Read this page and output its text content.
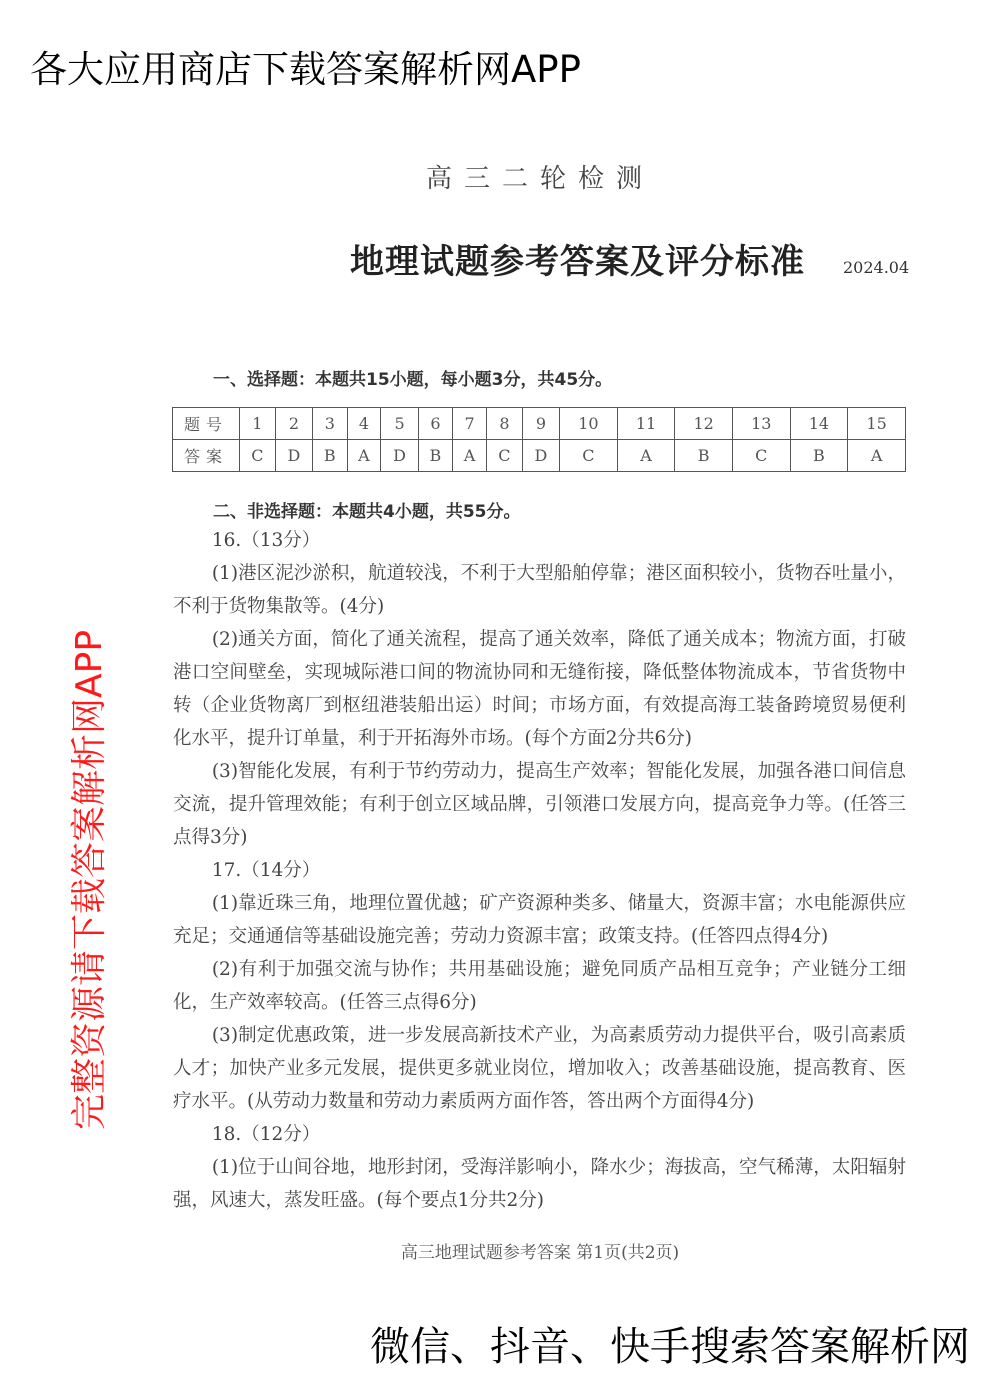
高三二轮检测
地理试题参考答案及评分标准 2024.04
一、选择题：本题共15小题，每小题3分，共45分。
题号	1	2	3	4	5	6	7	8	9	10	11	12	13	14	15
答案	C	D	B	A	D	B	A	C	D	C	A	B	C	B	A
二、非选择题：本题共4小题，共55分。

16.（13分）

(1)港区泥沙淤积，航道较浅，不利于大型船舶停靠；港区面积较小，货物吞吐量小，不利于货物集散等。(4分)

(2)通关方面，简化了通关流程，提高了通关效率，降低了通关成本；物流方面，打破港口空间壁垒，实现城际港口间的物流协同和无缝衔接，降低整体物流成本，节省货物中转（企业货物离厂到枢纽港装船出运）时间；市场方面，有效提高海工装备跨境贸易便利化水平，提升订单量，利于开拓海外市场。(每个方面2分共6分)

(3)智能化发展，有利于节约劳动力，提高生产效率；智能化发展，加强各港口间信息交流，提升管理效能；有利于创立区域品牌，引领港口发展方向，提高竞争力等。(任答三点得3分)

17.（14分）

(1)靠近珠三角，地理位置优越；矿产资源种类多、储量大，资源丰富；水电能源供应充足；交通通信等基础设施完善；劳动力资源丰富；政策支持。(任答四点得4分)

(2)有利于加强交流与协作；共用基础设施；避免同质产品相互竞争；产业链分工细化，生产效率较高。(任答三点得6分)

(3)制定优惠政策，进一步发展高新技术产业，为高素质劳动力提供平台，吸引高素质人才；加快产业多元发展，提供更多就业岗位，增加收入；改善基础设施，提高教育、医疗水平。(从劳动力数量和劳动力素质两方面作答，答出两个方面得4分)

18.（12分）

(1)位于山间谷地，地形封闭，受海洋影响小，降水少；海拔高，空气稀薄，太阳辐射强，风速大，蒸发旺盛。(每个要点1分共2分)

高三地理试题参考答案 第1页(共2页)
各大应用商店下载答案解析网APP
完整资源请下载答案解析网APP
微信、抖音、快手搜索答案解析网
